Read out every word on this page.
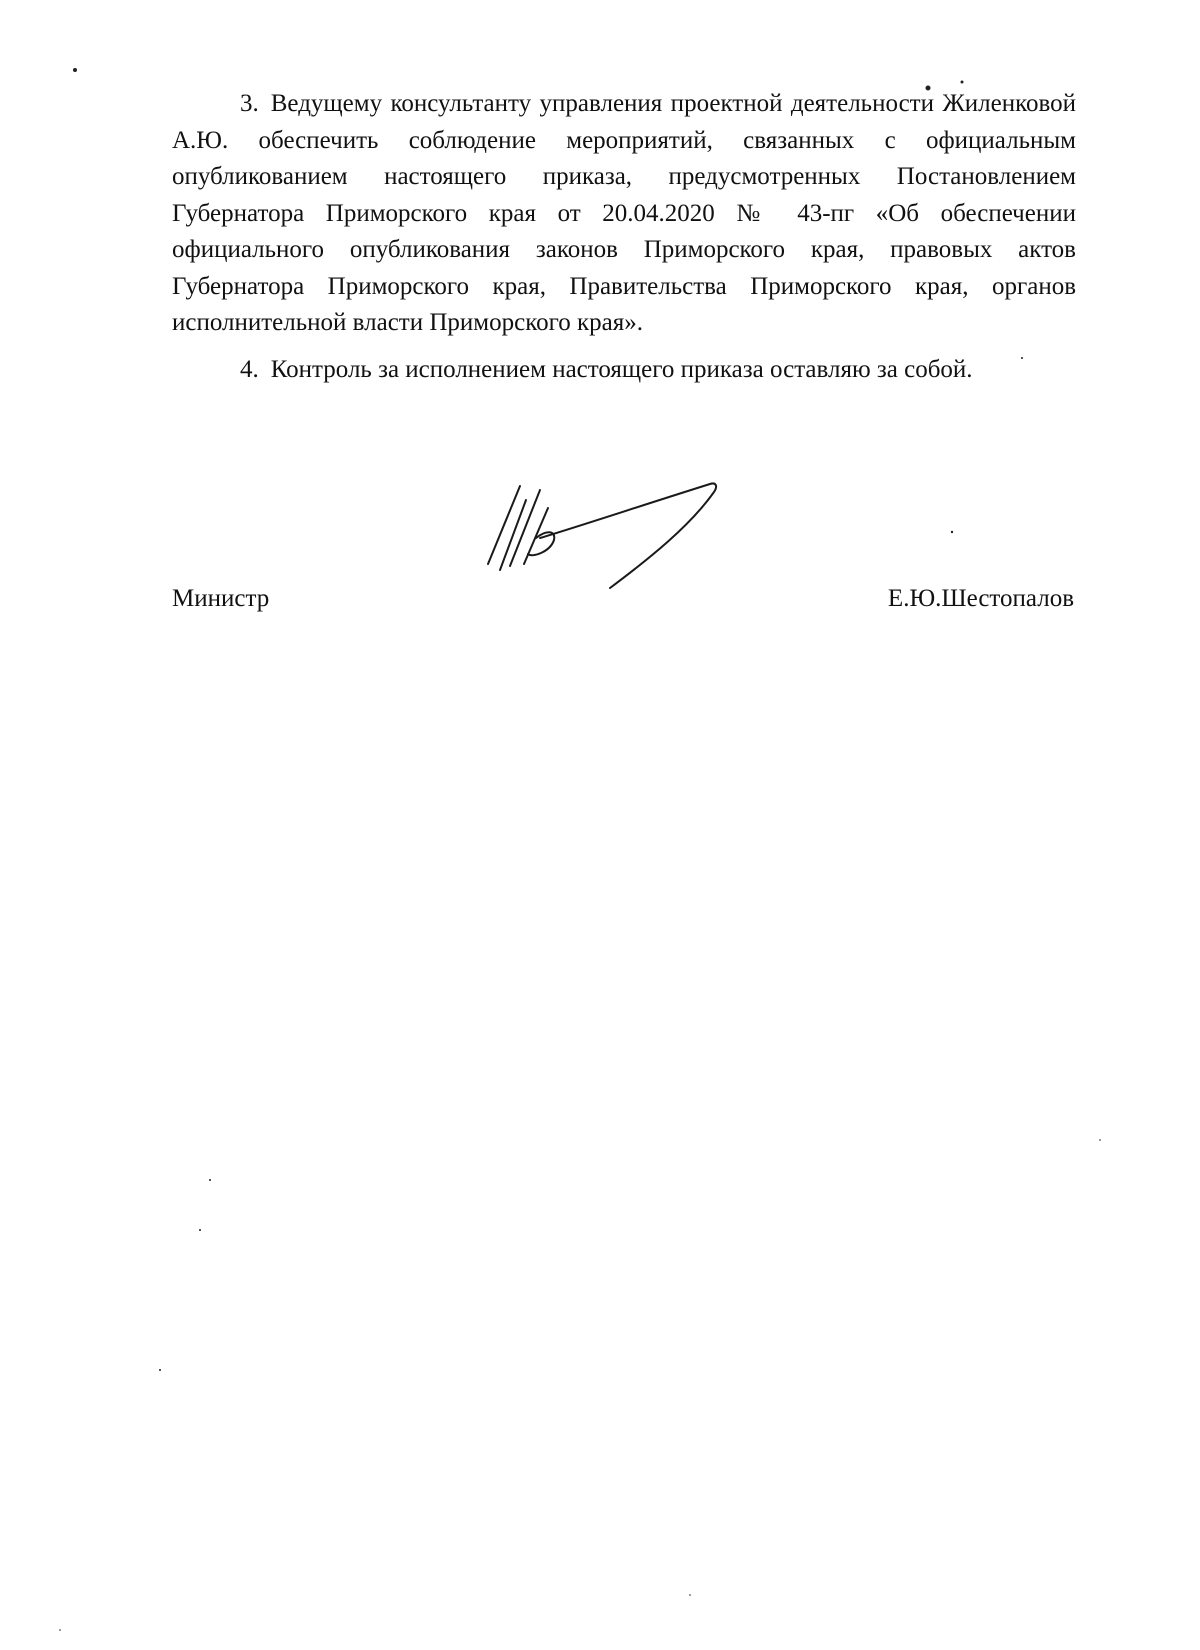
3. Ведущему консультанту управления проектной деятельности Жиленковой А.Ю. обеспечить соблюдение мероприятий, связанных с официальным опубликованием настоящего приказа, предусмотренных Постановлением Губернатора Приморского края от 20.04.2020 № 43-пг «Об обеспечении официального опубликования законов Приморского края, правовых актов Губернатора Приморского края, Правительства Приморского края, органов исполнительной власти Приморского края».

4. Контроль за исполнением настоящего приказа оставляю за собой.

Министр	Е.Ю.Шестопалов
